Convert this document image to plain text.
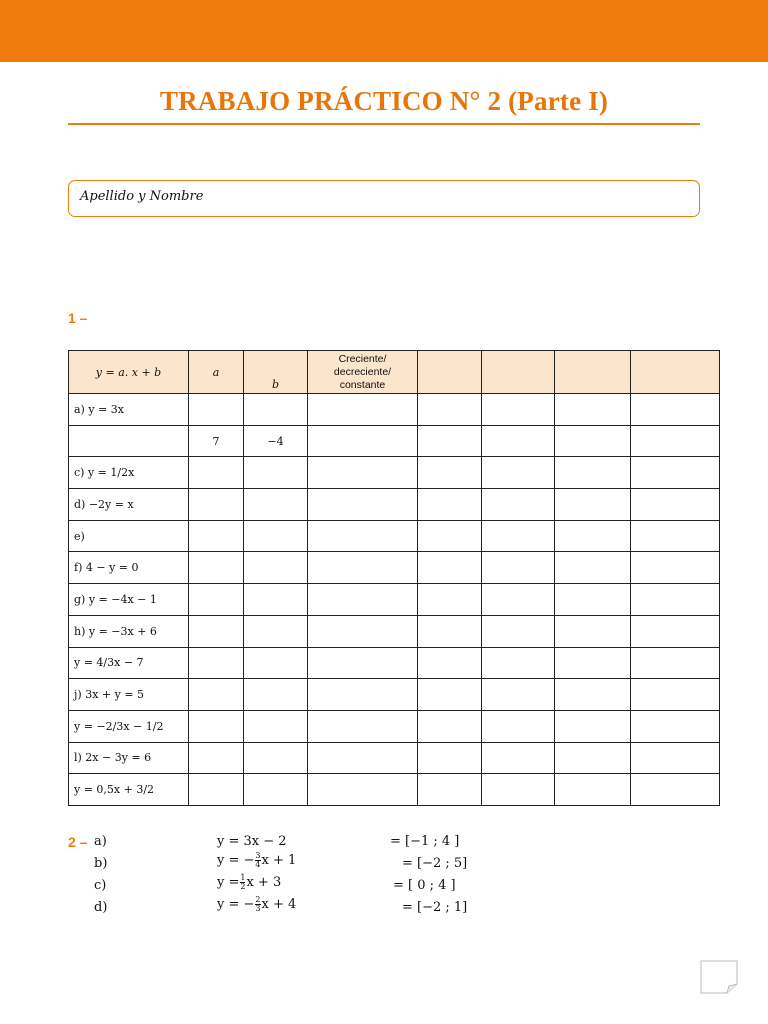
TRABAJO PRÁCTICO N° 2 (Parte I)
Apellido y Nombre
1 –
y = a. x + b	a	b	Creciente/ decreciente/ constante				
a) y = 3x							
	7	−4					
c) y = 1/2x							
d) −2y = x							
e)							
f) 4 − y = 0							
g) y = −4x − 1							
h) y = −3x + 6							
y = 4/3x − 7							
j) 3x + y = 5							
y = −2/3x − 1/2							
l) 2x − 3y = 6							
y = 0,5x + 3/2							
2 – a)	y = 3x − 2	= [−1 ; 4 ]
b)	y = − $\frac{3}{4}$ x + 1	= [−2 ; 5]
c)	$y = \frac{1}{2}$ x + 3	= [ 0 ; 4 ]
d)	y = − $\frac{2}{3}$ x + 4	= [−2 ; 1]
